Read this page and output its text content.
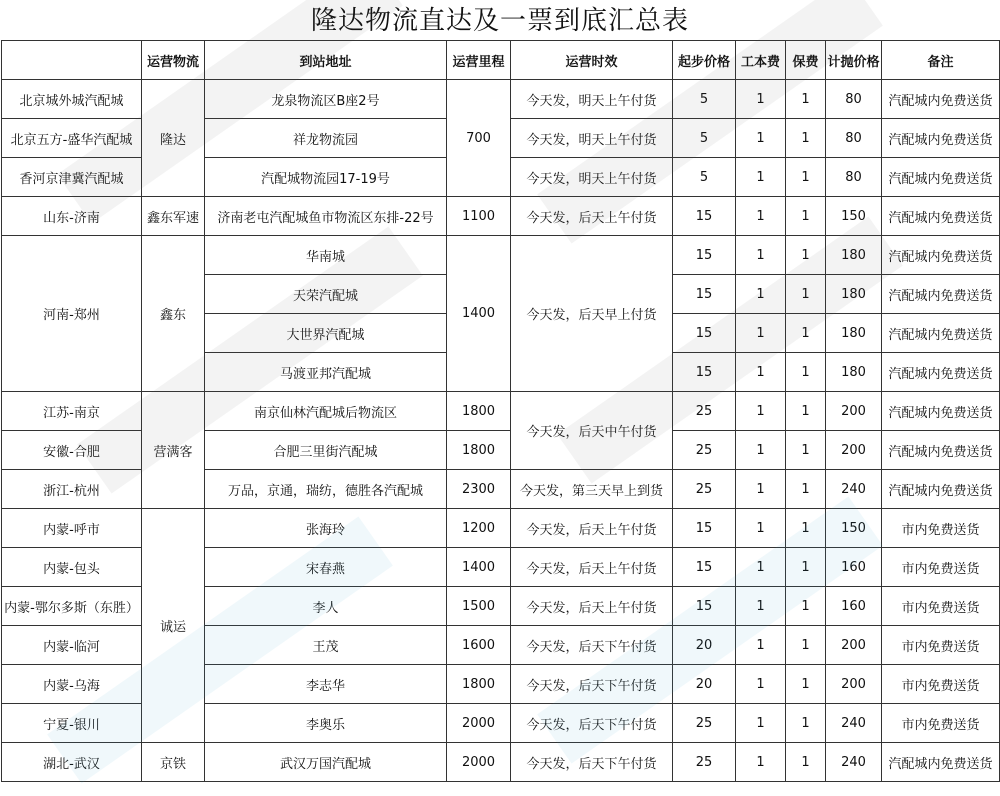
隆达物流直达及一票到底汇总表
	运营物流	到站地址	运营里程	运营时效	起步价格	工本费	保费	计抛价格	备注
北京城外城汽配城	隆达	龙泉物流区B座2号	700	今天发，明天上午付货	5	1	1	80	汽配城内免费送货
北京五方-盛华汽配城		祥龙物流园		今天发，明天上午付货	5	1	1	80	汽配城内免费送货
香河京津冀汽配城		汽配城物流园17-19号		今天发，明天上午付货	5	1	1	80	汽配城内免费送货
山东-济南	鑫东军速	济南老屯汽配城鱼市物流区东排-22号	1100	今天发，后天上午付货	15	1	1	150	汽配城内免费送货
河南-郑州	鑫东	华南城	1400	今天发，后天早上付货	15	1	1	180	汽配城内免费送货
		天荣汽配城			15	1	1	180	汽配城内免费送货
		大世界汽配城			15	1	1	180	汽配城内免费送货
		马渡亚邦汽配城			15	1	1	180	汽配城内免费送货
江苏-南京	营满客	南京仙林汽配城后物流区	1800	今天发，后天中午付货	25	1	1	200	汽配城内免费送货
安徽-合肥		合肥三里街汽配城	1800		25	1	1	200	汽配城内免费送货
浙江-杭州		万品，京通，瑞纺，德胜各汽配城	2300	今天发，第三天早上到货	25	1	1	240	汽配城内免费送货
内蒙-呼市	诚运	张海玲	1200	今天发，后天上午付货	15	1	1	150	市内免费送货
内蒙-包头		宋春燕	1400	今天发，后天上午付货	15	1	1	160	市内免费送货
内蒙-鄂尔多斯（东胜）		李人	1500	今天发，后天上午付货	15	1	1	160	市内免费送货
内蒙-临河		王茂	1600	今天发，后天下午付货	20	1	1	200	市内免费送货
内蒙-乌海		李志华	1800	今天发，后天下午付货	20	1	1	200	市内免费送货
宁夏-银川		李奥乐	2000	今天发，后天下午付货	25	1	1	240	市内免费送货
湖北-武汉	京铁	武汉万国汽配城	2000	今天发，后天下午付货	25	1	1	240	汽配城内免费送货
